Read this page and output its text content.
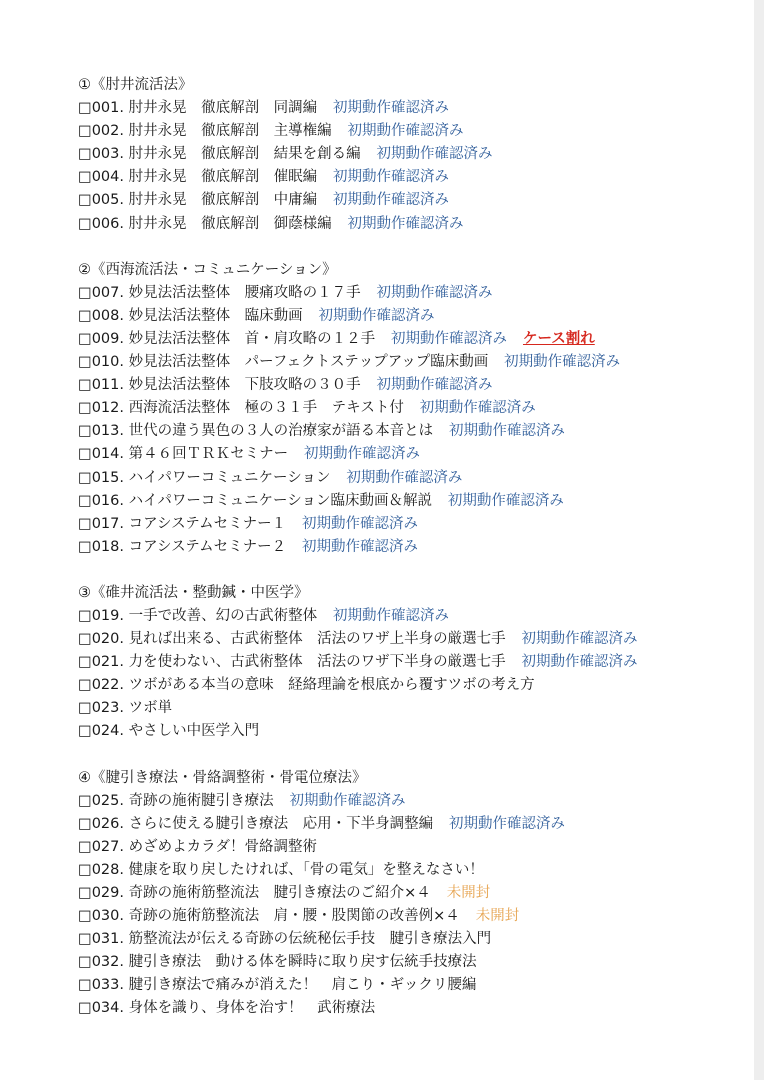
①《肘井流活法》
□001. 肘井永晃　徹底解剖　同調編 初期動作確認済み
□002. 肘井永晃　徹底解剖　主導権編 初期動作確認済み
□003. 肘井永晃　徹底解剖　結果を創る編 初期動作確認済み
□004. 肘井永晃　徹底解剖　催眠編 初期動作確認済み
□005. 肘井永晃　徹底解剖　中庸編 初期動作確認済み
□006. 肘井永晃　徹底解剖　御蔭様編 初期動作確認済み
②《西海流活法・コミュニケーション》
□007. 妙見法活法整体　腰痛攻略の１７手 初期動作確認済み
□008. 妙見法活法整体　臨床動画 初期動作確認済み
□009. 妙見法活法整体　首・肩攻略の１２手 初期動作確認済み ケース割れ
□010. 妙見法活法整体　パーフェクトステップアップ臨床動画 初期動作確認済み
□011. 妙見法活法整体　下肢攻略の３０手 初期動作確認済み
□012. 西海流活法整体　極の３１手　テキスト付 初期動作確認済み
□013. 世代の違う異色の３人の治療家が語る本音とは 初期動作確認済み
□014. 第４６回ＴＲＫセミナー 初期動作確認済み
□015. ハイパワーコミュニケーション 初期動作確認済み
□016. ハイパワーコミュニケーション臨床動画＆解説 初期動作確認済み
□017. コアシステムセミナー１ 初期動作確認済み
□018. コアシステムセミナー２ 初期動作確認済み
③《碓井流活法・整動鍼・中医学》
□019. 一手で改善、幻の古武術整体 初期動作確認済み
□020. 見れば出来る、古武術整体　活法のワザ上半身の厳選七手 初期動作確認済み
□021. 力を使わない、古武術整体　活法のワザ下半身の厳選七手 初期動作確認済み
□022. ツボがある本当の意味　経絡理論を根底から覆すツボの考え方
□023. ツボ単
□024. やさしい中医学入門
④《腱引き療法・骨絡調整術・骨電位療法》
□025. 奇跡の施術腱引き療法 初期動作確認済み
□026. さらに使える腱引き療法　応用・下半身調整編 初期動作確認済み
□027. めざめよカラダ！骨絡調整術
□028. 健康を取り戻したければ、「骨の電気」を整えなさい！
□029. 奇跡の施術筋整流法　腱引き療法のご紹介×４ 未開封
□030. 奇跡の施術筋整流法　肩・腰・股関節の改善例×４ 未開封
□031. 筋整流法が伝える奇跡の伝統秘伝手技　腱引き療法入門
□032. 腱引き療法　動ける体を瞬時に取り戻す伝統手技療法
□033. 腱引き療法で痛みが消えた！　肩こり・ギックリ腰編
□034. 身体を識り、身体を治す！　武術療法
